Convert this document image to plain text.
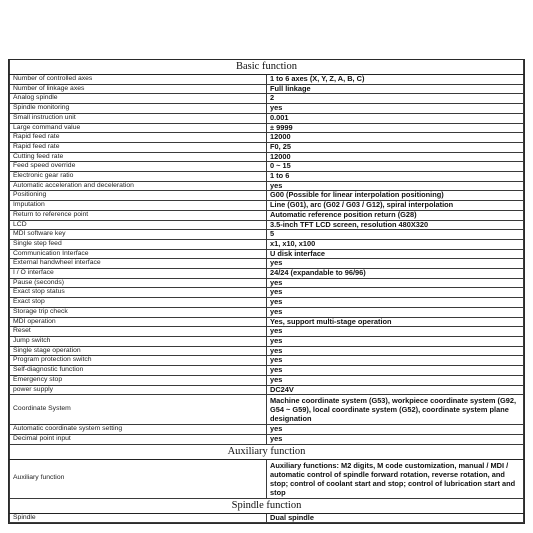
Basic function	
Number of controlled axes	1 to 6 axes (X, Y, Z, A, B, C)
Number of linkage axes	Full linkage
Analog spindle	2
Spindle monitoring	yes
Small instruction unit	0.001
Large command value	± 9999
Rapid feed rate	12000
Rapid feed rate	F0, 25
Cutting feed rate	12000
Feed speed override	0 ~ 15
Electronic gear ratio	1 to 6
Automatic acceleration and deceleration	yes
Positioning	G00 (Possible for linear interpolation positioning)
Imputation	Line (G01), arc (G02 / G03 / G12), spiral interpolation
Return to reference point	Automatic reference position return (G28)
LCD	3.5-inch TFT LCD screen, resolution 480X320
MDI software key	5
Single step feed	x1, x10, x100
Communication Interface	U disk interface
External handwheel interface	yes
I / O interface	24/24 (expandable to 96/96)
Pause (seconds)	yes
Exact stop status	yes
Exact stop	yes
Storage trip check	yes
MDI operation	Yes, support multi-stage operation
Reset	yes
Jump switch	yes
Single stage operation	yes
Program protection switch	yes
Self-diagnostic function	yes
Emergency stop	yes
power supply	DC24V
Coordinate System	Machine coordinate system (G53), workpiece coordinate system (G92, G54 ~ G59), local coordinate system (G52), coordinate system plane designation
Automatic coordinate system setting	yes
Decimal point input	yes
Auxiliary function	
Auxiliary function	Auxiliary functions: M2 digits, M code customization, manual / MDI / automatic control of spindle forward rotation, reverse rotation, and stop; control of coolant start and stop; control of lubrication start and stop
Spindle function	
Spindle	Dual spindle
